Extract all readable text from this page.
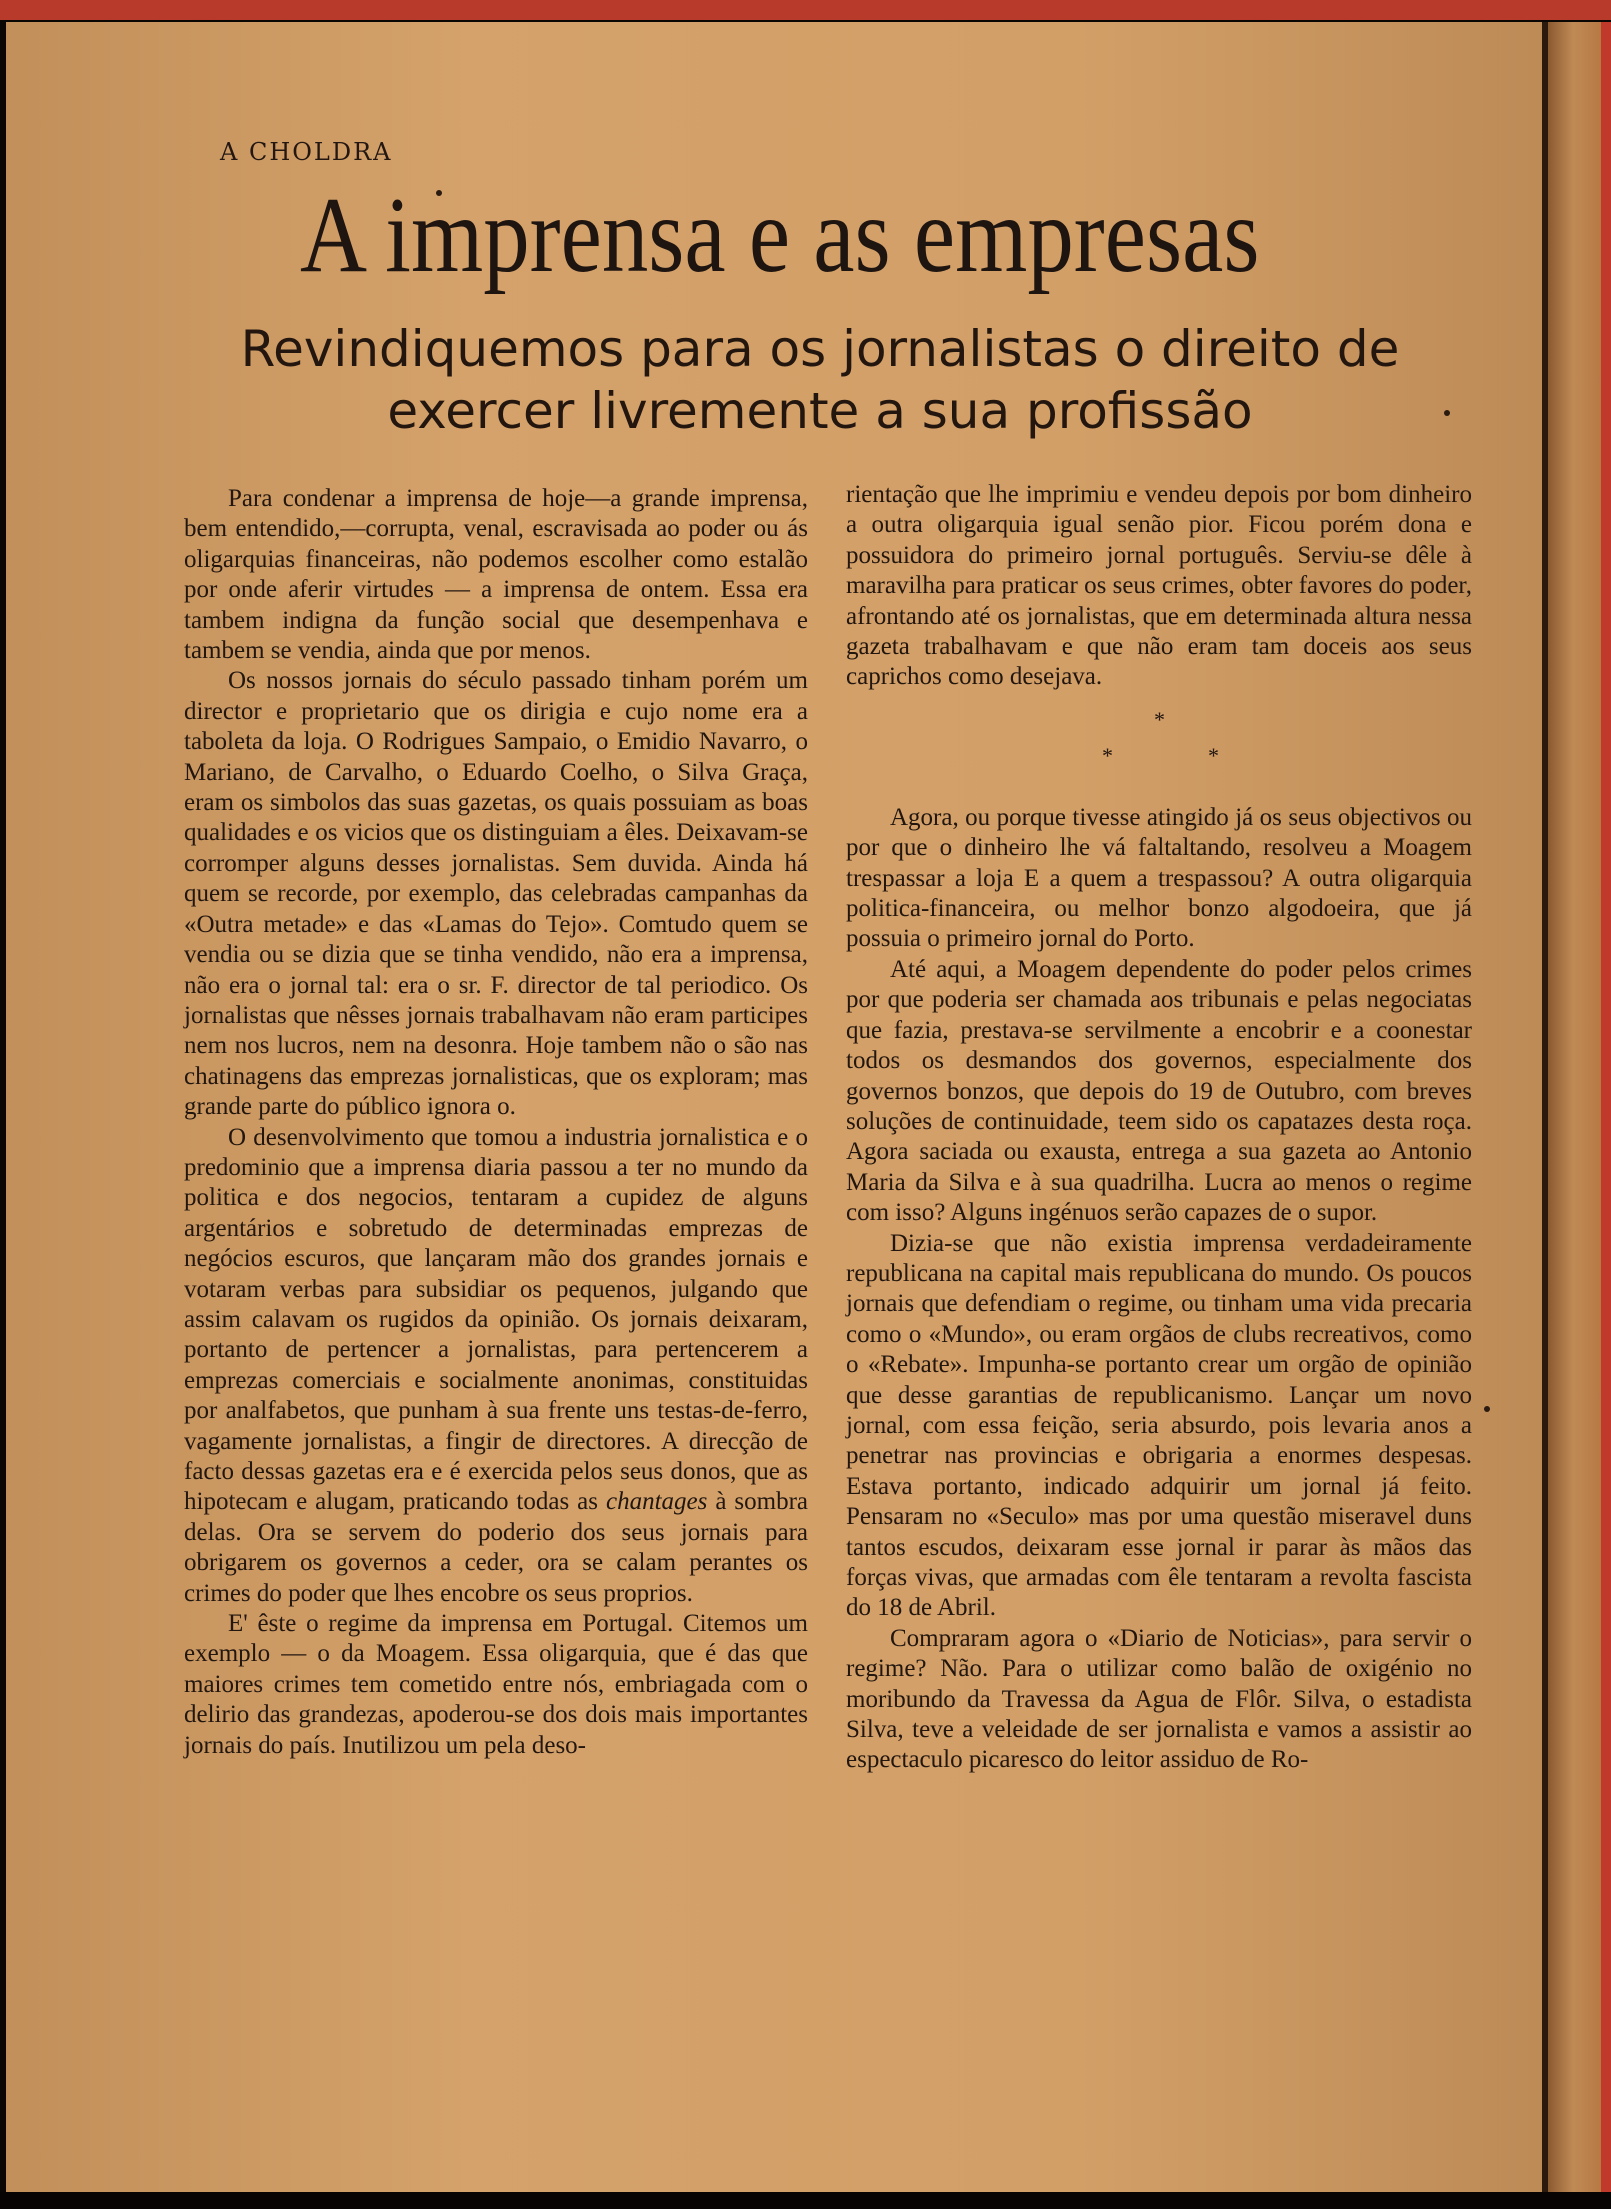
A CHOLDRA
A imprensa e as empresas
Revindiquemos para os jornalistas o direito de exercer livremente a sua profissão

Para condenar a imprensa de hoje—a grande imprensa, bem entendido,—corrupta, venal, escravisada ao poder ou ás oligarquias financeiras, não podemos escolher como estalão por onde aferir virtudes — a imprensa de ontem. Essa era tambem indigna da função social que desempenhava e tambem se vendia, ainda que por menos.

Os nossos jornais do século passado tinham porém um director e proprietario que os dirigia e cujo nome era a taboleta da loja. O Rodrigues Sampaio, o Emidio Navarro, o Mariano, de Carvalho, o Eduardo Coelho, o Silva Graça, eram os simbolos das suas gazetas, os quais possuiam as boas qualidades e os vicios que os distinguiam a êles. Deixavam-se corromper alguns desses jornalistas. Sem duvida. Ainda há quem se recorde, por exemplo, das celebradas campanhas da «Outra metade» e das «Lamas do Tejo». Comtudo quem se vendia ou se dizia que se tinha vendido, não era a imprensa, não era o jornal tal: era o sr. F. director de tal periodico. Os jornalistas que nêsses jornais trabalhavam não eram participes nem nos lucros, nem na desonra. Hoje tambem não o são nas chatinagens das emprezas jornalisticas, que os exploram; mas grande parte do público ignora o.

O desenvolvimento que tomou a industria jornalistica e o predominio que a imprensa diaria passou a ter no mundo da politica e dos negocios, tentaram a cupidez de alguns argentários e sobretudo de determinadas emprezas de negócios escuros, que lançaram mão dos grandes jornais e votaram verbas para subsidiar os pequenos, julgando que assim calavam os rugidos da opinião. Os jornais deixaram, portanto de pertencer a jornalistas, para pertencerem a emprezas comerciais e socialmente anonimas, constituidas por analfabetos, que punham à sua frente uns testas-de-ferro, vagamente jornalistas, a fingir de directores. A direcção de facto dessas gazetas era e é exercida pelos seus donos, que as hipotecam e alugam, praticando todas as chantages à sombra delas. Ora se servem do poderio dos seus jornais para obrigarem os governos a ceder, ora se calam perantes os crimes do poder que lhes encobre os seus proprios.

E' êste o regime da imprensa em Portugal. Citemos um exemplo — o da Moagem. Essa oligarquia, que é das que maiores crimes tem cometido entre nós, embriagada com o delirio das grandezas, apoderou-se dos dois mais importantes jornais do país. Inutilizou um pela deso-

rientação que lhe imprimiu e vendeu depois por bom dinheiro a outra oligarquia igual senão pior. Ficou porém dona e possuidora do primeiro jornal português. Serviu-se dêle à maravilha para praticar os seus crimes, obter favores do poder, afrontando até os jornalistas, que em determinada altura nessa gazeta trabalhavam e que não eram tam doceis aos seus caprichos como desejava.

*
*	*

Agora, ou porque tivesse atingido já os seus objectivos ou por que o dinheiro lhe vá faltaltando, resolveu a Moagem trespassar a loja E a quem a trespassou? A outra oligarquia politica-financeira, ou melhor bonzo algodoeira, que já possuia o primeiro jornal do Porto.

Até aqui, a Moagem dependente do poder pelos crimes por que poderia ser chamada aos tribunais e pelas negociatas que fazia, prestava-se servilmente a encobrir e a coonestar todos os desmandos dos governos, especialmente dos governos bonzos, que depois do 19 de Outubro, com breves soluções de continuidade, teem sido os capatazes desta roça. Agora saciada ou exausta, entrega a sua gazeta ao Antonio Maria da Silva e à sua quadrilha. Lucra ao menos o regime com isso? Alguns ingénuos serão capazes de o supor.

Dizia-se que não existia imprensa verdadeiramente republicana na capital mais republicana do mundo. Os poucos jornais que defendiam o regime, ou tinham uma vida precaria como o «Mundo», ou eram orgãos de clubs recreativos, como o «Rebate». Impunha-se portanto crear um orgão de opinião que desse garantias de republicanismo. Lançar um novo jornal, com essa feição, seria absurdo, pois levaria anos a penetrar nas provincias e obrigaria a enormes despesas. Estava portanto, indicado adquirir um jornal já feito. Pensaram no «Seculo» mas por uma questão miseravel duns tantos escudos, deixaram esse jornal ir parar às mãos das forças vivas, que armadas com êle tentaram a revolta fascista do 18 de Abril.

Compraram agora o «Diario de Noticias», para servir o regime? Não. Para o utilizar como balão de oxigénio no moribundo da Travessa da Agua de Flôr. Silva, o estadista Silva, teve a veleidade de ser jornalista e vamos a assistir ao espectaculo picaresco do leitor assiduo de Ro-
